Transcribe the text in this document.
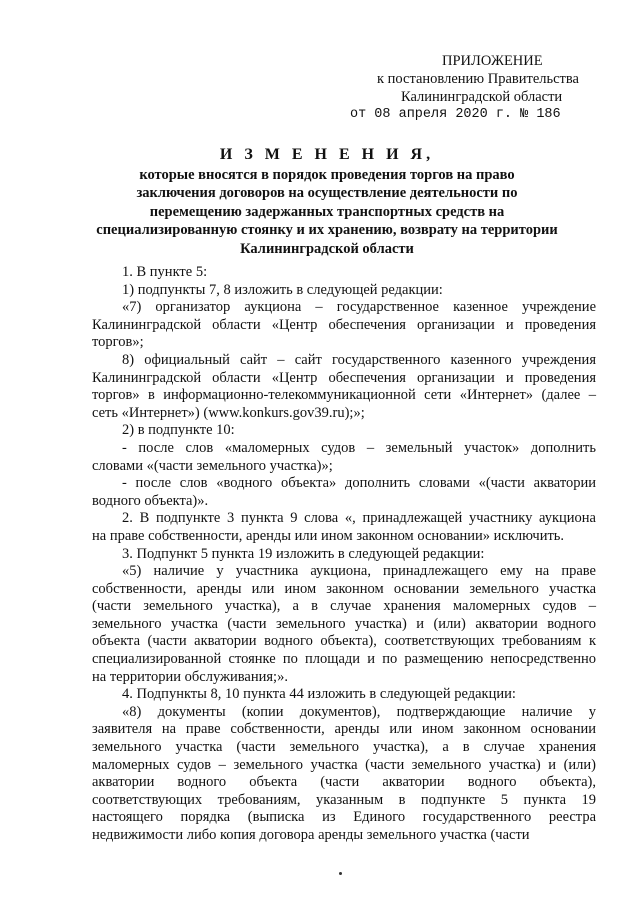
ПРИЛОЖЕНИЕ
к постановлению Правительства
Калининградской области
от 08 апреля 2020 г. № 186
И З М Е Н Е Н И Я,
которые вносятся в порядок проведения торгов на право
заключения договоров на осуществление деятельности по
перемещению задержанных транспортных средств на
специализированную стоянку и их хранению, возврату на территории
Калининградской области
1. В пункте 5:
1) подпункты 7, 8 изложить в следующей редакции:
«7) организатор аукциона – государственное казенное учреждение
Калининградской области «Центр обеспечения организации и проведения
торгов»;
8) официальный сайт – сайт государственного казенного учреждения
Калининградской области «Центр обеспечения организации и проведения
торгов» в информационно-телекоммуникационной сети «Интернет» (далее –
сеть «Интернет») (www.konkurs.gov39.ru);»;
2) в подпункте 10:
- после слов «маломерных судов – земельный участок» дополнить
словами «(части земельного участка)»;
- после слов «водного объекта» дополнить словами «(части акватории
водного объекта)».
2. В подпункте 3 пункта 9 слова «, принадлежащей участнику аукциона
на праве собственности, аренды или ином законном основании» исключить.
3. Подпункт 5 пункта 19 изложить в следующей редакции:
«5) наличие у участника аукциона, принадлежащего ему на праве
собственности, аренды или ином законном основании земельного участка
(части земельного участка), а в случае хранения маломерных судов –
земельного участка (части земельного участка) и (или) акватории водного
объекта (части акватории водного объекта), соответствующих требованиям к
специализированной стоянке по площади и по размещению непосредственно
на территории обслуживания;».
4. Подпункты 8, 10 пункта 44 изложить в следующей редакции:
«8) документы (копии документов), подтверждающие наличие у
заявителя на праве собственности, аренды или ином законном основании
земельного участка (части земельного участка), а в случае хранения
маломерных судов – земельного участка (части земельного участка) и (или)
акватории водного объекта (части акватории водного объекта),
соответствующих требованиям, указанным в подпункте 5 пункта 19
настоящего порядка (выписка из Единого государственного реестра
недвижимости либо копия договора аренды земельного участка (части
